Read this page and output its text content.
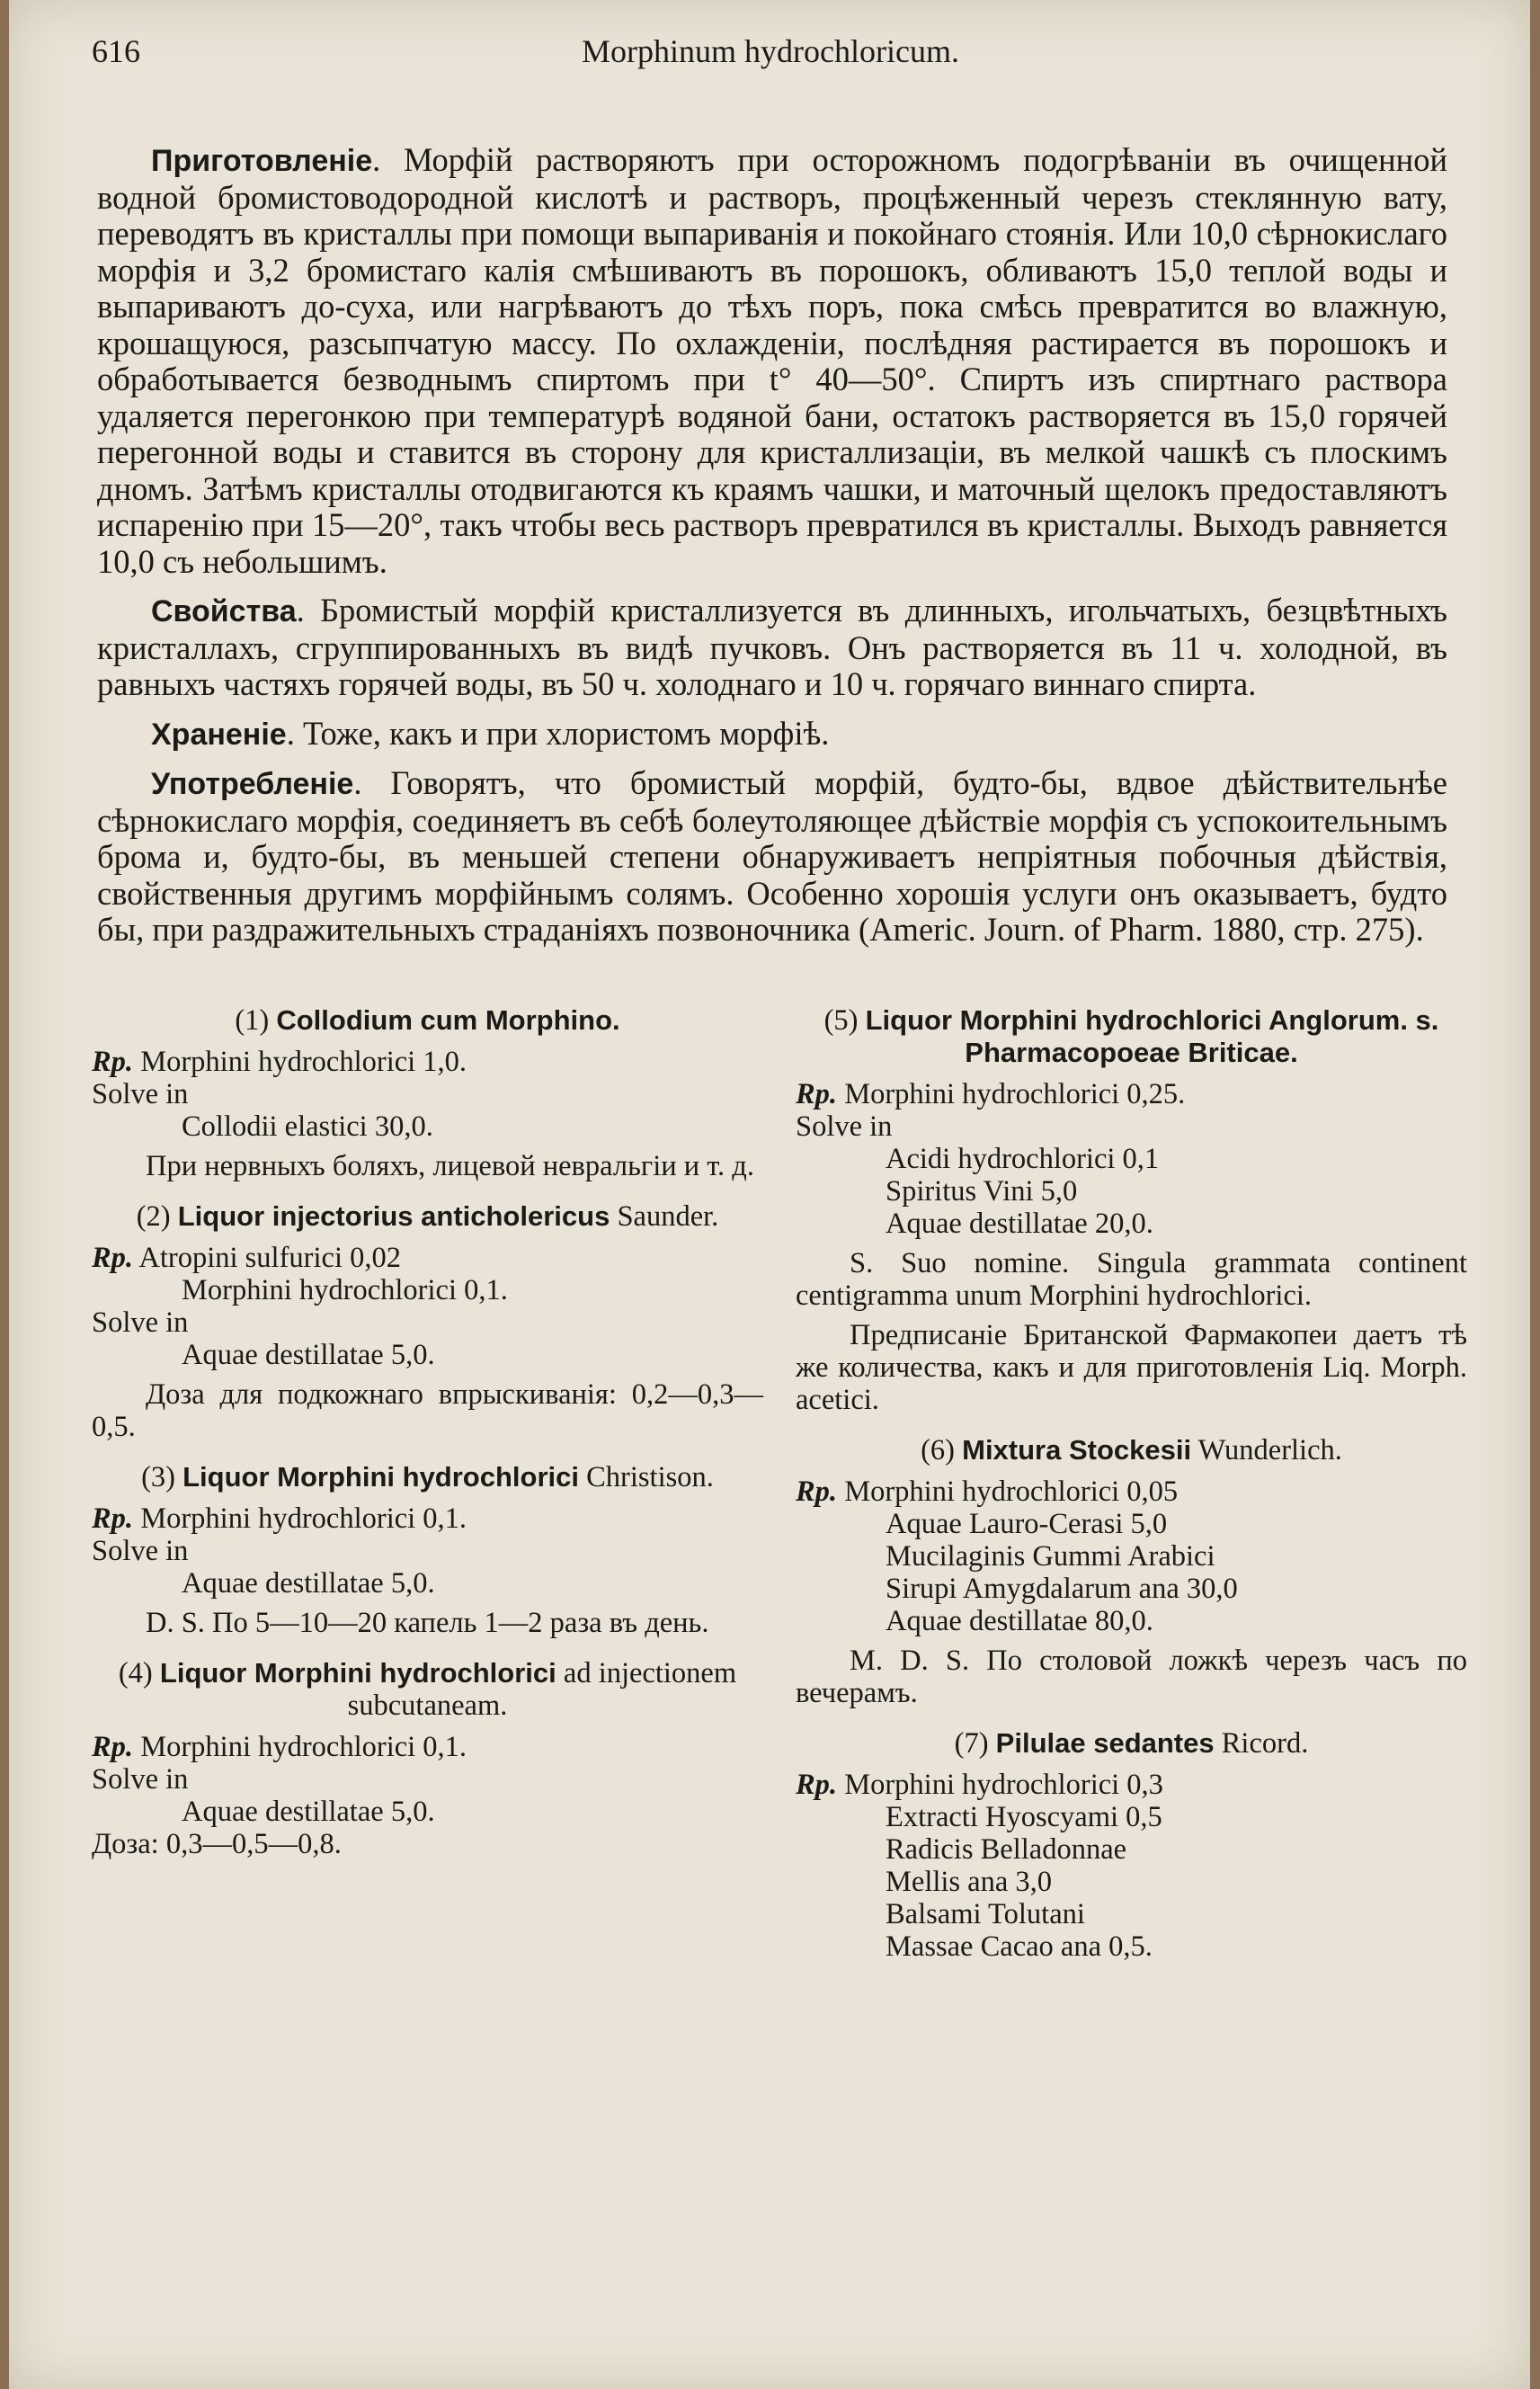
616	Morphinum hydrochloricum.

Приготовленіе. Морфій растворяютъ при осторожномъ подогрѣваніи въ очищенной водной бромистоводородной кислотѣ и растворъ, процѣженный черезъ стеклянную вату, переводятъ въ кристаллы при помощи выпариванія и покойнаго стоянія. Или 10,0 сѣрнокислаго морфія и 3,2 бромистаго калія смѣшиваютъ въ порошокъ, обливаютъ 15,0 теплой воды и выпариваютъ до-суха, или нагрѣваютъ до тѣхъ поръ, пока смѣсь превратится во влажную, крошащуюся, разсыпчатую массу. По охлажденіи, послѣдняя растирается въ порошокъ и обработывается безводнымъ спиртомъ при t° 40—50°. Спиртъ изъ спиртнаго раствора удаляется перегонкою при температурѣ водяной бани, остатокъ растворяется въ 15,0 горячей перегонной воды и ставится въ сторону для кристаллизаціи, въ мелкой чашкѣ съ плоскимъ дномъ. Затѣмъ кристаллы отодвигаются къ краямъ чашки, и маточный щелокъ предоставляютъ испаренію при 15—20°, такъ чтобы весь растворъ превратился въ кристаллы. Выходъ равняется 10,0 съ небольшимъ.

Свойства. Бромистый морфій кристаллизуется въ длинныхъ, игольчатыхъ, безцвѣтныхъ кристаллахъ, сгруппированныхъ въ видѣ пучковъ. Онъ растворяется въ 11 ч. холодной, въ равныхъ частяхъ горячей воды, въ 50 ч. холоднаго и 10 ч. горячаго виннаго спирта.

Храненіе. Тоже, какъ и при хлористомъ морфіѣ.

Употребленіе. Говорятъ, что бромистый морфій, будто-бы, вдвое дѣйствительнѣе сѣрнокислаго морфія, соединяетъ въ себѣ болеутоляющее дѣйствіе морфія съ успокоительнымъ брома и, будто-бы, въ меньшей степени обнаруживаетъ непріятныя побочныя дѣйствія, свойственныя другимъ морфійнымъ солямъ. Особенно хорошія услуги онъ оказываетъ, будто бы, при раздражительныхъ страданіяхъ позвоночника (Americ. Journ. of Pharm. 1880, стр. 275).

(1) Collodium cum Morphino.

Rp. Morphini hydrochlorici 1,0.

Solve in

Collodii elastici 30,0.

При нервныхъ боляхъ, лицевой невральгіи и т. д.

(2) Liquor injectorius anticholericus Saunder.

Rp. Atropini sulfurici 0,02

Morphini hydrochlorici 0,1.

Solve in

Aquae destillatae 5,0.

Доза для подкожнаго впрыскиванія: 0,2—0,3—0,5.

(3) Liquor Morphini hydrochlorici Christison.

Rp. Morphini hydrochlorici 0,1.

Solve in

Aquae destillatae 5,0.

D. S. По 5—10—20 капель 1—2 раза въ день.

(4) Liquor Morphini hydrochlorici ad injectionem subcutaneam.

Rp. Morphini hydrochlorici 0,1.

Solve in

Aquae destillatae 5,0.

Доза: 0,3—0,5—0,8.

(5) Liquor Morphini hydrochlorici Anglorum. s. Pharmacopoeae Briticae.

Rp. Morphini hydrochlorici 0,25.

Solve in

Acidi hydrochlorici 0,1

Spiritus Vini 5,0

Aquae destillatae 20,0.

S. Suo nomine. Singula grammata continent centigramma unum Morphini hydrochlorici.

Предписаніе Британской Фармакопеи даетъ тѣ же количества, какъ и для приготовленія Liq. Morph. acetici.

(6) Mixtura Stockesii Wunderlich.

Rp. Morphini hydrochlorici 0,05

Aquae Lauro-Cerasi 5,0

Mucilaginis Gummi Arabici

Sirupi Amygdalarum ana 30,0

Aquae destillatae 80,0.

M. D. S. По столовой ложкѣ черезъ часъ по вечерамъ.

(7) Pilulae sedantes Ricord.

Rp. Morphini hydrochlorici 0,3

Extracti Hyoscyami 0,5

Radicis Belladonnae

Mellis ana 3,0

Balsami Tolutani

Massae Cacao ana 0,5.
